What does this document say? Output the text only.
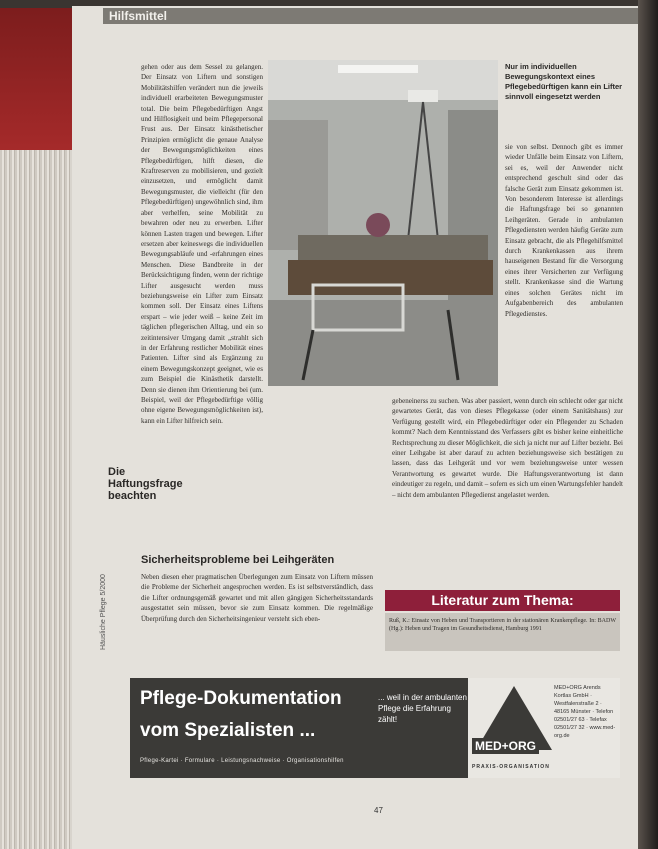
Hilfsmittel
gehen oder aus dem Sessel zu gelangen. Der Einsatz von Liftern und sonstigen Mobilitätshilfen verändert nun die jeweils individuell erarbeiteten Bewegungsmuster total. Die beim Pflegebedürftigen Angst und Hilflosigkeit und beim Pflegepersonal Frust aus. Der Einsatz kinästhetischer Prinzipien ermöglicht die genaue Analyse der Bewegungsmöglichkeiten eines Pflegebedürftigen, hilft diesen, die Kraftreserven zu mobilisieren, und gezielt einzusetzen, und ermöglicht damit Bewegungsmuster, die vielleicht (für den Pflegebedürftigen) ungewöhnlich sind, ihm aber verhelfen, seine Mobilität zu bewahren oder neu zu erwerben. Lifter können Lasten tragen und bewegen. Lifter ersetzen aber keineswegs die individuellen Bewegungsabläufe und -erfahrungen eines Menschen. Diese Bandbreite in der Berücksichtigung finden, wenn der richtige Lifter ausgesucht werden muss beziehungsweise ein Lifter zum Einsatz kommen soll. Der Einsatz eines Liftens erspart – wie jeder weiß – keine Zeit im täglichen pflegerischen Alltag, und ein so zeitintensiver Umgang damit „strahlt sich in der Erfahrung restlicher Mobilität eines Patienten. Lifter sind als Ergänzung zu einem Bewegungskonzept geeignet, wie es zum Beispiel die Kinästhetik darstellt. Denn sie dienen ihm Orientierung bei (um. Beispiel, weil der Pflegebedürftige völlig ohne eigene Bewegungsmöglichkeiten ist), kann ein Lifter hilfreich sein.
Nur im individuellen Bewegungskontext eines Pflegebedürftigen kann ein Lifter sinnvoll eingesetzt werden
sie von selbst. Dennoch gibt es immer wieder Unfälle beim Einsatz von Liftern, sei es, weil der Anwender nicht entsprechend geschult sind oder das falsche Gerät zum Einsatz gekommen ist. Von besonderem Interesse ist allerdings die Haftungsfrage bei so genannten Leihgeräten. Gerade in ambulanten Pflegediensten werden häufig Geräte zum Einsatz gebracht, die als Pflegehilfsmittel durch Krankenkassen aus ihrem hauseigenen Bestand für die Versorgung eines ihrer Versicherten zur Verfügung stellt. Krankenkasse sind die Wartung eines solchen Gerätes nicht im Aufgabenbereich des ambulanten Pflegedienstes.
Die Haftungsfrage beachten
gebeneinerss zu suchen. Was aber passiert, wenn durch ein schlecht oder gar nicht gewartetes Gerät, das von dieses Pflegekasse (oder einem Sanitätshaus) zur Verfügung gestellt wird, ein Pflegebedürftiger oder ein Pflegender zu Schaden kommt? Nach dem Kenntnisstand des Verfassers gibt es bisher keine einheitliche Rechtsprechung zu dieser Möglichkeit, die sich ja nicht nur auf Lifter bezieht. Bei einer Leihgabe ist aber darauf zu achten beziehungsweise sich bestätigen zu lassen, dass das Leihgerät und vor wem beziehungsweise unter wessen Verantwortung es gewartet wurde. Die Haftungsverantwortung ist dann eindeutiger zu regeln, und damit – sofern es sich um einen Wartungsfehler handelt – nicht dem ambulanten Pflegedienst angelastet werden.
Sicherheitsprobleme bei Leihgeräten
Neben diesen eher pragmatischen Überlegungen zum Einsatz von Liftern müssen die Probleme der Sicherheit angesprochen werden. Es ist selbstverständlich, dass die Lifter ordnungsgemäß gewartet und mit allen gängigen Sicherheitsstandards ausgestattet sein müssen, bevor sie zum Einsatz kommen. Die regelmäßige Überprüfung durch den Sicherheitsingenieur versteht sich eben-
Literatur zum Thema:
Ruß, K.: Einsatz von Heben und Transportieren in der stationären Krankenpflege. In: BADW (Hg.): Heben und Tragen im Gesundheitsdienst, Hamburg 1991
Häusliche Pflege 5/2000
Pflege-Dokumentation
vom Spezialisten ...
Pflege-Kartei · Formulare · Leistungsnachweise · Organisationshilfen
... weil in der ambulanten Pflege die Erfahrung zählt!
MED+ORG
PRAXIS-ORGANISATION
MED+ORG Arends Kortlas GmbH · Westfalenstraße 2 · 48165 Münster · Telefon 02501/27 63 · Telefax 02501/27 32 · www.med-org.de
47
